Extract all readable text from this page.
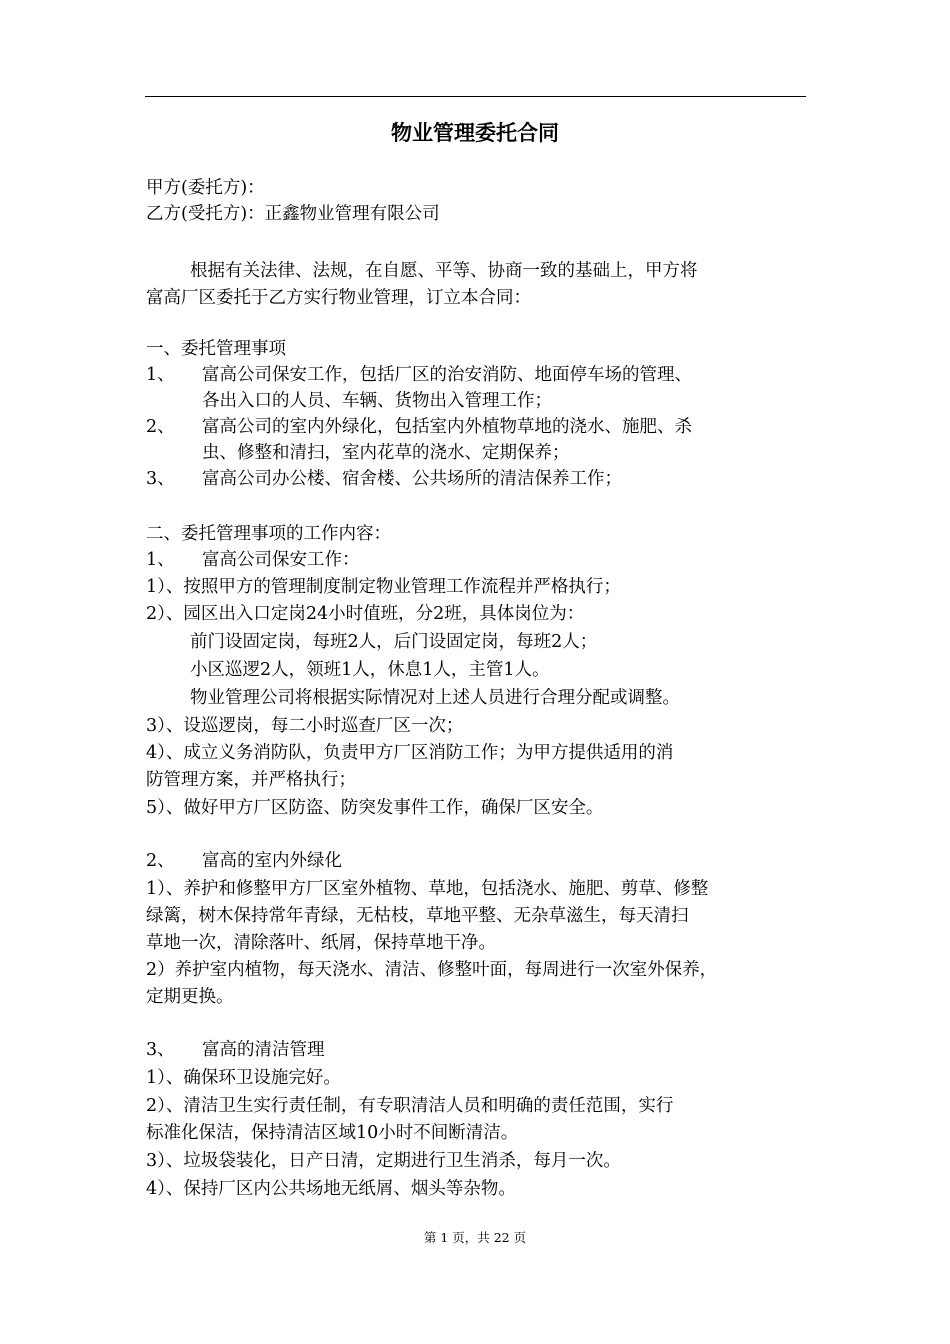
物业管理委托合同
甲方(委托方)：
乙方(受托方)：正鑫物业管理有限公司
根据有关法律、法规，在自愿、平等、协商一致的基础上，甲方将
富高厂区委托于乙方实行物业管理，订立本合同：
一、委托管理事项
1、 富高公司保安工作，包括厂区的治安消防、地面停车场的管理、
各出入口的人员、车辆、货物出入管理工作；
2、 富高公司的室内外绿化，包括室内外植物草地的浇水、施肥、杀
虫、修整和清扫，室内花草的浇水、定期保养；
3、 富高公司办公楼、宿舍楼、公共场所的清洁保养工作；
二、委托管理事项的工作内容：
1、 富高公司保安工作：
1）、按照甲方的管理制度制定物业管理工作流程并严格执行；
2）、园区出入口定岗24小时值班，分2班，具体岗位为：
前门设固定岗，每班2人，后门设固定岗，每班2人；
小区巡逻2人，领班1人，休息1人，主管1人。
物业管理公司将根据实际情况对上述人员进行合理分配或调整。
3）、设巡逻岗，每二小时巡查厂区一次；
4）、成立义务消防队，负责甲方厂区消防工作；为甲方提供适用的消
防管理方案，并严格执行；
5）、做好甲方厂区防盗、防突发事件工作，确保厂区安全。
2、 富高的室内外绿化
1）、养护和修整甲方厂区室外植物、草地，包括浇水、施肥、剪草、修整
绿篱，树木保持常年青绿，无枯枝，草地平整、无杂草滋生，每天清扫
草地一次，清除落叶、纸屑，保持草地干净。
2）养护室内植物，每天浇水、清洁、修整叶面，每周进行一次室外保养，
定期更换。
3、 富高的清洁管理
1）、确保环卫设施完好。
2）、清洁卫生实行责任制，有专职清洁人员和明确的责任范围，实行
标准化保洁，保持清洁区域10小时不间断清洁。
3）、垃圾袋装化，日产日清，定期进行卫生消杀，每月一次。
4）、保持厂区内公共场地无纸屑、烟头等杂物。
第 1 页，共 22 页
